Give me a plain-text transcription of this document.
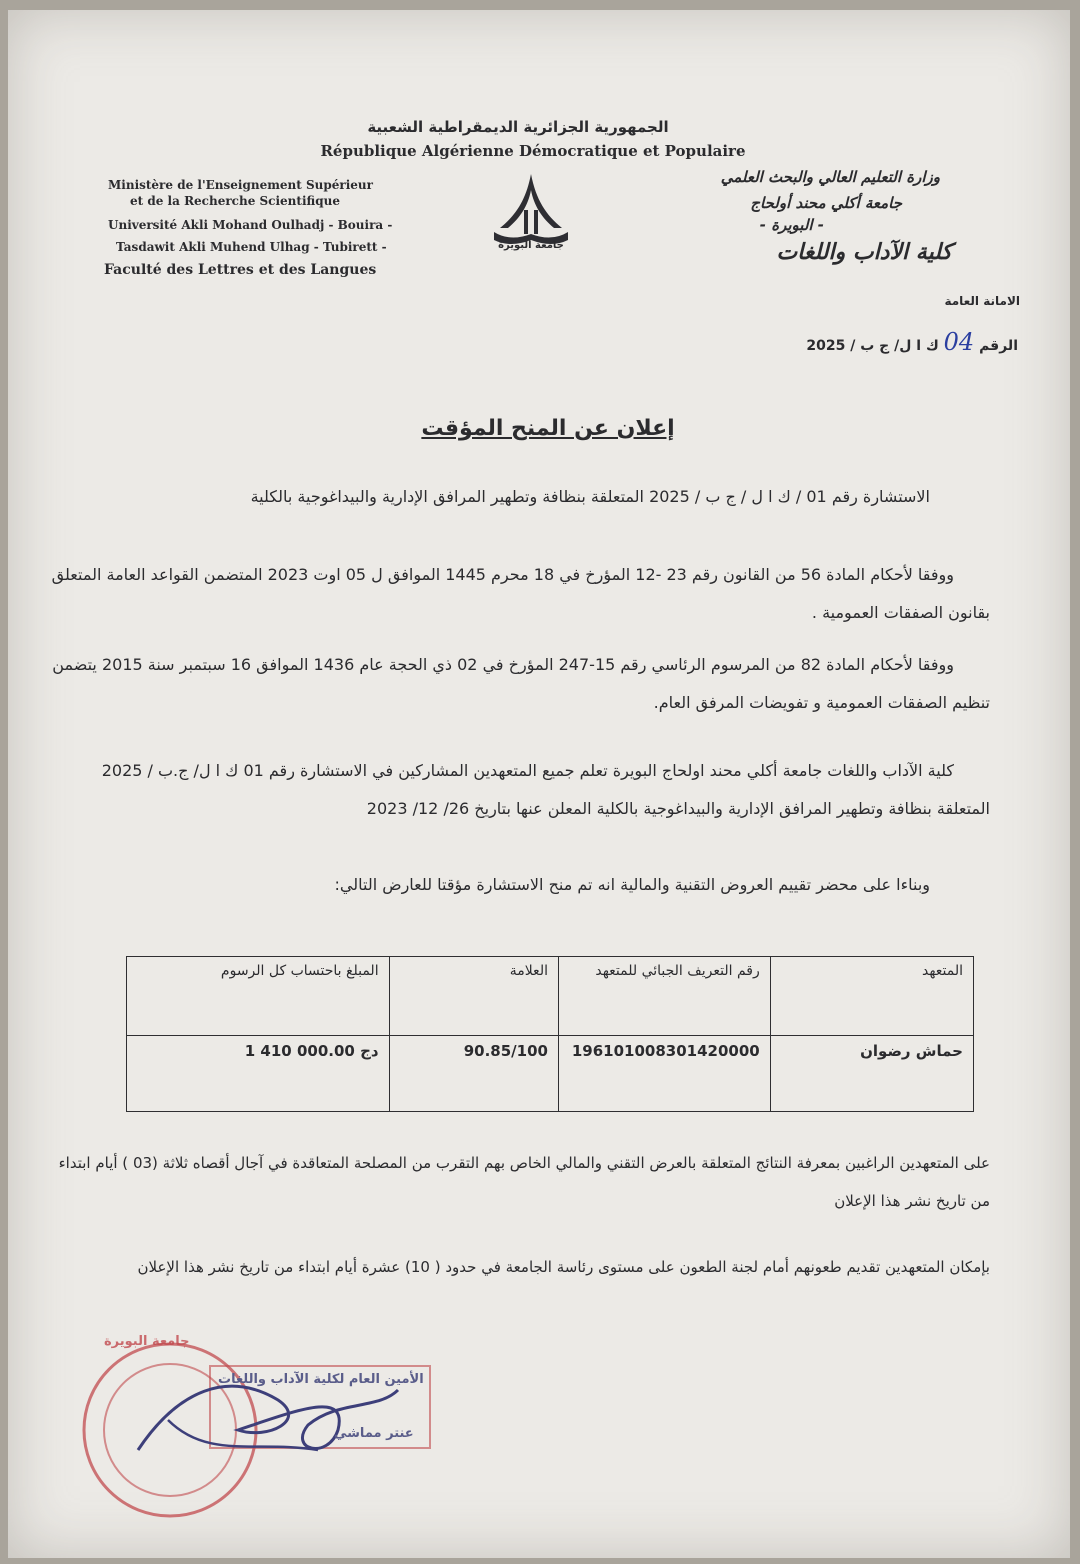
الجمهورية الجزائرية الديمقراطية الشعبية
République Algérienne Démocratique et Populaire
Ministère de l'Enseignement Supérieur
et de la Recherche Scientifique
Université Akli Mohand Oulhadj - Bouira -
Tasdawit Akli Muhend Ulhag - Tubirett -
Faculté des Lettres et des Langues
وزارة التعليم العالي والبحث العلمي
جامعة أكلي محند أولحاج
- البويرة -
كلية الآداب واللغات
جامعة البويرة
الامانة العامة
الرقم 04 ك ا ل/ ج ب / 2025
إعلان عن المنح المؤقت
الاستشارة رقم 01 / ك ا ل / ج ب / 2025 المتعلقة بنظافة وتطهير المرافق الإدارية والبيداغوجية بالكلية
ووفقا لأحكام المادة 56 من القانون رقم 23 -12 المؤرخ في 18 محرم 1445 الموافق ل 05 اوت 2023 المتضمن القواعد العامة المتعلق بقانون الصفقات العمومية .
ووفقا لأحكام المادة 82 من المرسوم الرئاسي رقم 15-247 المؤرخ في 02 ذي الحجة عام 1436 الموافق 16 سبتمبر سنة 2015 يتضمن تنظيم الصفقات العمومية و تفويضات المرفق العام.
كلية الآداب واللغات جامعة أكلي محند اولحاج البويرة تعلم جميع المتعهدين المشاركين في الاستشارة رقم 01 ك ا ل/ ج.ب / 2025 المتعلقة بنظافة وتطهير المرافق الإدارية والبيداغوجية بالكلية المعلن عنها بتاريخ 26/ 12/ 2023
وبناءا على محضر تقييم العروض التقنية والمالية انه تم منح الاستشارة مؤقتا للعارض التالي:
المتعهد	رقم التعريف الجبائي للمتعهد	العلامة	المبلغ باحتساب كل الرسوم
حماش رضوان	196101008301420000	90.85/100	1 410 000.00 دج
على المتعهدين الراغبين بمعرفة النتائج المتعلقة بالعرض التقني والمالي الخاص بهم التقرب من المصلحة المتعاقدة في آجال أقصاه ثلاثة (03 ) أيام ابتداء من تاريخ نشر هذا الإعلان
بإمكان المتعهدين تقديم طعونهم أمام لجنة الطعون على مستوى رئاسة الجامعة في حدود ( 10) عشرة أيام ابتداء من تاريخ نشر هذا الإعلان
جامعة البويرة
الأمين العام لكلية الآداب واللغات
عنتر مماشي
